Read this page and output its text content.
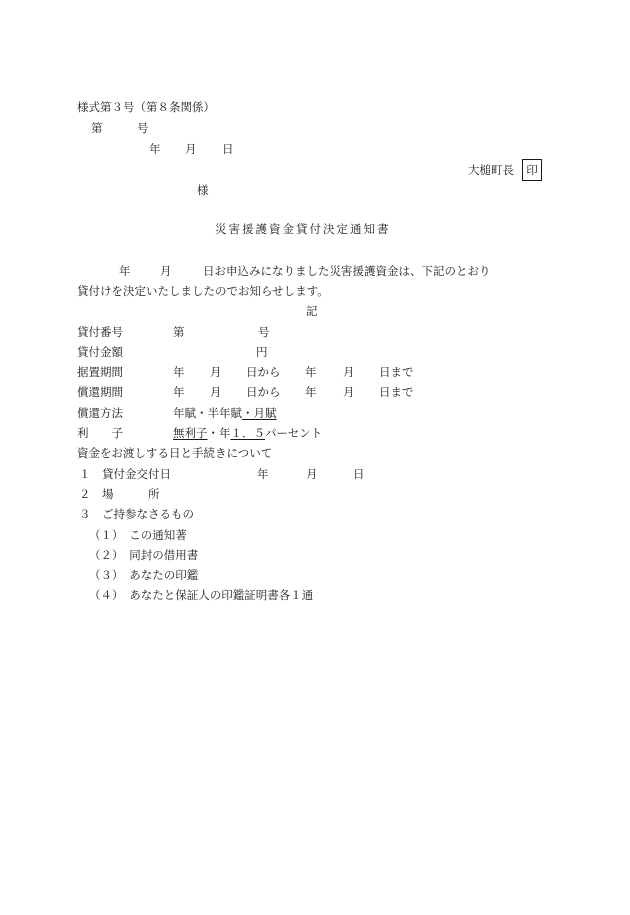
様式第３号（第８条関係）
第	号
年 月 日
大槌町長	印
様
災害援護資金貸付決定通知書
年	月	日お申込みになりました災害援護資金は、下記のとおり
貸付けを決定いたしましたのでお知らせします。
記
貸付番号	第	号
貸付金額	円
据置期間	年 月 日から 年 月 日まで
償還期間	年 月 日から 年 月 日まで
償還方法	年賦・半年賦・月賦
利　　子	無利子・年１．５パーセント
資金をお渡しする日と手続きについて
１　貸付金交付日	年	月	日
２　場　　　所
３　ご持参なさるもの
（１）　この通知著
（２）　同封の借用書
（３）　あなたの印鑑
（４）　あなたと保証人の印鑑証明書各１通
